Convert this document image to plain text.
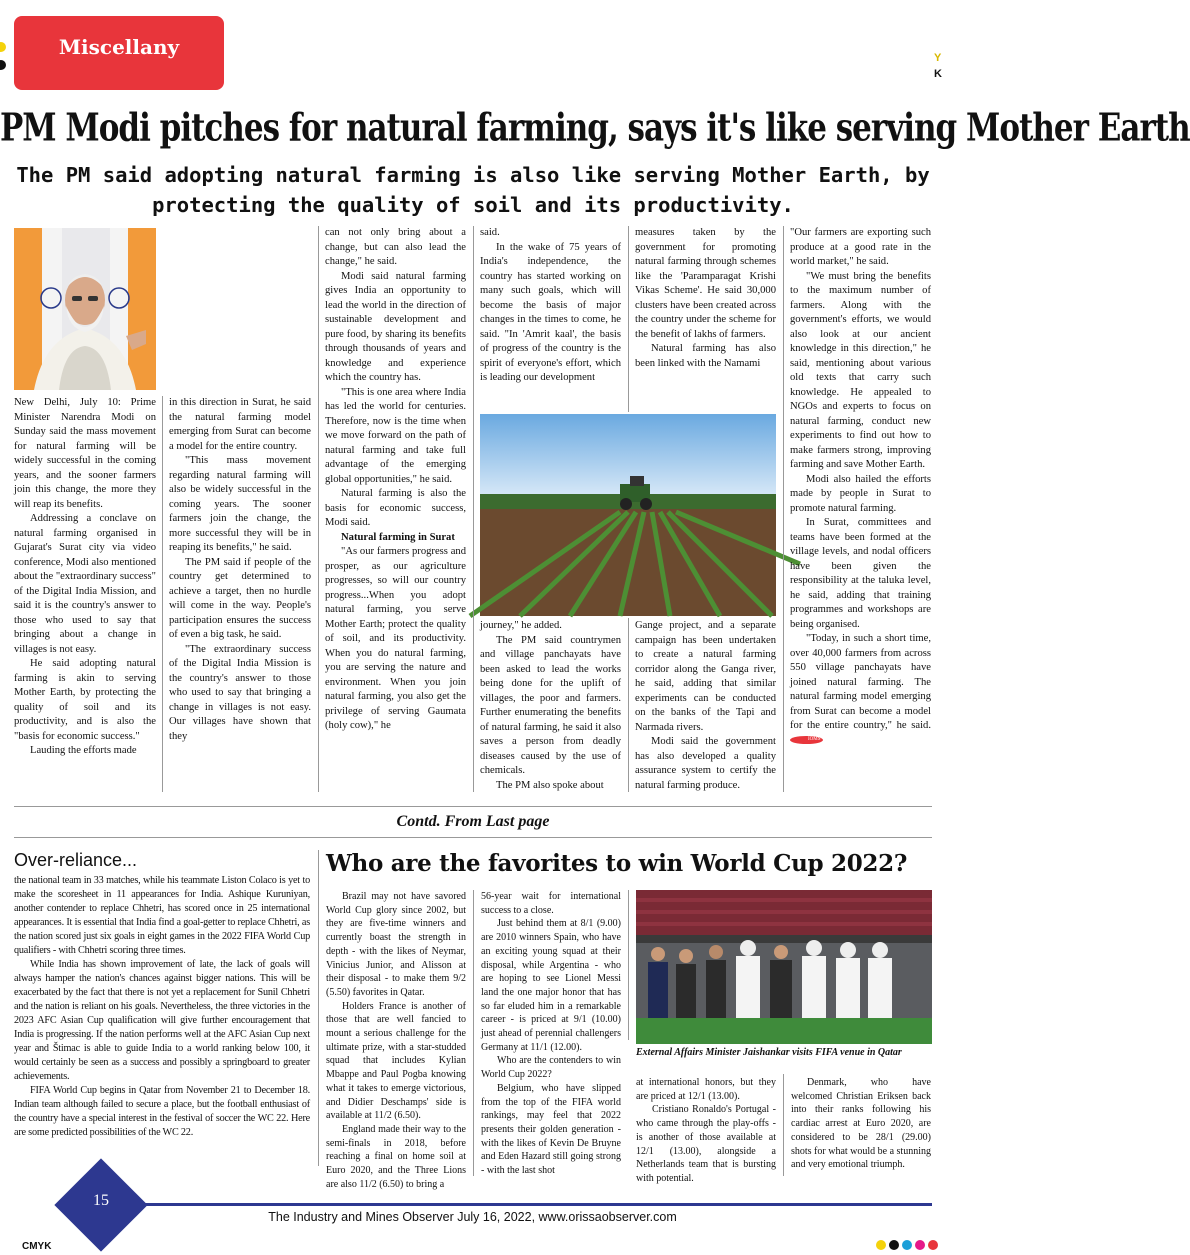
Y
K
Miscellany
PM Modi pitches for natural farming, says it's like serving Mother Earth
The PM said adopting natural farming is also like serving Mother Earth, by protecting the quality of soil and its productivity.

New Delhi, July 10: Prime Minister Narendra Modi on Sunday said the mass movement for natural farming will be widely successful in the coming years, and the sooner farmers join this change, the more they will reap its benefits.

Addressing a conclave on natural farming organised in Gujarat's Surat city via video conference, Modi also mentioned about the "extraordinary success" of the Digital India Mission, and said it is the country's answer to those who used to say that bringing about a change in villages is not easy.

He said adopting natural farming is akin to serving Mother Earth, by protecting the quality of soil and its productivity, and is also the "basis for economic success."

Lauding the efforts made

in this direction in Surat, he said the natural farming model emerging from Surat can become a model for the entire country.

"This mass movement regarding natural farming will also be widely successful in the coming years. The sooner farmers join the change, the more successful they will be in reaping its benefits," he said.

The PM said if people of the country get determined to achieve a target, then no hurdle will come in the way. People's participation ensures the success of even a big task, he said.

"The extraordinary success of the Digital India Mission is the country's answer to those who used to say that bringing a change in villages is not easy. Our villages have shown that they

can not only bring about a change, but can also lead the change," he said.

Modi said natural farming gives India an opportunity to lead the world in the direction of sustainable development and pure food, by sharing its benefits through thousands of years and knowledge and experience which the country has.

"This is one area where India has led the world for centuries. Therefore, now is the time when we move forward on the path of natural farming and take full advantage of the emerging global opportunities," he said.

Natural farming is also the basis for economic success, Modi said.

Natural farming in Surat

"As our farmers progress and prosper, as our agriculture progresses, so will our country progress...When you adopt natural farming, you serve Mother Earth; protect the quality of soil, and its productivity. When you do natural farming, you are serving the nature and environment. When you join natural farming, you also get the privilege of serving Gaumata (holy cow)," he

said.

In the wake of 75 years of India's independence, the country has started working on many such goals, which will become the basis of major changes in the times to come, he said. "In 'Amrit kaal', the basis of progress of the country is the spirit of everyone's effort, which is leading our development

measures taken by the government for promoting natural farming through schemes like the 'Paramparagat Krishi Vikas Scheme'. He said 30,000 clusters have been created across the country under the scheme for the benefit of lakhs of farmers.

Natural farming has also been linked with the Namami

journey," he added.

The PM said countrymen and village panchayats have been asked to lead the works being done for the uplift of villages, the poor and farmers. Further enumerating the benefits of natural farming, he said it also saves a person from deadly diseases caused by the use of chemicals.

The PM also spoke about

Gange project, and a separate campaign has been undertaken to create a natural farming corridor along the Ganga river, he said, adding that similar experiments can be conducted on the banks of the Tapi and Narmada rivers.

Modi said the government has also developed a quality assurance system to certify the natural farming produce.

"Our farmers are exporting such produce at a good rate in the world market," he said.

"We must bring the benefits to the maximum number of farmers. Along with the government's efforts, we would also look at our ancient knowledge in this direction," he said, mentioning about various old texts that carry such knowledge. He appealed to NGOs and experts to focus on natural farming, conduct new experiments to find out how to make farmers strong, improving farming and save Mother Earth.

Modi also hailed the efforts made by people in Surat to promote natural farming.

In Surat, committees and teams have been formed at the village levels, and nodal officers have been given the responsibility at the taluka level, he said, adding that training programmes and workshops are being organised.

"Today, in such a short time, over 40,000 farmers from across 550 village panchayats have joined natural farming. The natural farming model emerging from Surat can become a model for the entire country," he said. IOMS

Contd. From Last page
Over-reliance...

the national team in 33 matches, while his teammate Liston Colaco is yet to make the scoresheet in 11 appearances for India. Ashique Kuruniyan, another contender to replace Chhetri, has scored once in 25 international appearances. It is essential that India find a goal-getter to replace Chhetri, as the nation scored just six goals in eight games in the 2022 FIFA World Cup qualifiers - with Chhetri scoring three times.

While India has shown improvement of late, the lack of goals will always hamper the nation's chances against bigger nations. This will be exacerbated by the fact that there is not yet a replacement for Sunil Chhetri and the nation is reliant on his goals. Nevertheless, the three victories in the 2023 AFC Asian Cup qualification will give further encouragement that India is progressing. If the nation performs well at the AFC Asian Cup next year and Štimac is able to guide India to a world ranking below 100, it would certainly be seen as a success and possibly a springboard to greater achievements.

FIFA World Cup begins in Qatar from November 21 to December 18. Indian team although failed to secure a place, but the football enthusiast of the country have a special interest in the festival of soccer the WC 22. Here are some predicted possibilities of the WC 22.

Who are the favorites to win World Cup 2022?

Brazil may not have savored World Cup glory since 2002, but they are five-time winners and currently boast the strength in depth - with the likes of Neymar, Vinicius Junior, and Alisson at their disposal - to make them 9/2 (5.50) favorites in Qatar.

Holders France is another of those that are well fancied to mount a serious challenge for the ultimate prize, with a star-studded squad that includes Kylian Mbappe and Paul Pogba knowing what it takes to emerge victorious, and Didier Deschamps' side is available at 11/2 (6.50).

England made their way to the semi-finals in 2018, before reaching a final on home soil at Euro 2020, and the Three Lions are also 11/2 (6.50) to bring a

56-year wait for international success to a close.

Just behind them at 8/1 (9.00) are 2010 winners Spain, who have an exciting young squad at their disposal, while Argentina - who are hoping to see Lionel Messi land the one major honor that has so far eluded him in a remarkable career - is priced at 9/1 (10.00) just ahead of perennial challengers Germany at 11/1 (12.00).

Who are the contenders to win World Cup 2022?

Belgium, who have slipped from the top of the FIFA world rankings, may feel that 2022 presents their golden generation - with the likes of Kevin De Bruyne and Eden Hazard still going strong - with the last shot

External Affairs Minister Jaishankar visits FIFA venue in Qatar

at international honors, but they are priced at 12/1 (13.00).

Cristiano Ronaldo's Portugal - who came through the play-offs - is another of those available at 12/1 (13.00), alongside a Netherlands team that is bursting with potential.

Denmark, who have welcomed Christian Eriksen back into their ranks following his cardiac arrest at Euro 2020, are considered to be 28/1 (29.00) shots for what would be a stunning and very emotional triumph.

15
The Industry and Mines Observer July 16, 2022, www.orissaobserver.com
CMYK
